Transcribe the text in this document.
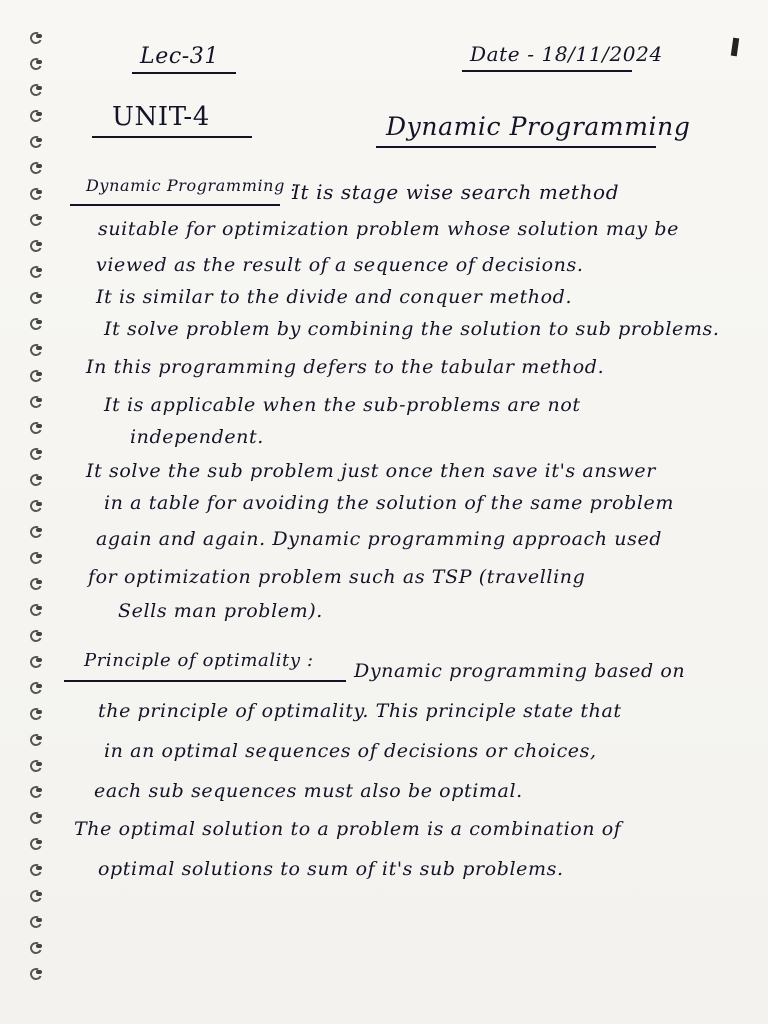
Lec-31	Date - 18/11/2024

UNIT-4	Dynamic Programming

Dynamic Programming :

It is stage wise search method

suitable for optimization problem whose solution may be

viewed as the result of a sequence of decisions.

It is similar to the divide and conquer method.

It solve problem by combining the solution to sub problems.

In this programming defers to the tabular method.

It is applicable when the sub-problems are not

independent.

It solve the sub problem just once then save it's answer

in a table for avoiding the solution of the same problem

again and again. Dynamic programming approach used

for optimization problem such as TSP (travelling

Sells man problem).

Principle of optimality : Dynamic programming based on

the principle of optimality. This principle state that

in an optimal sequences of decisions or choices,

each sub sequences must also be optimal.

The optimal solution to a problem is a combination of

optimal solutions to sum of it's sub problems.
